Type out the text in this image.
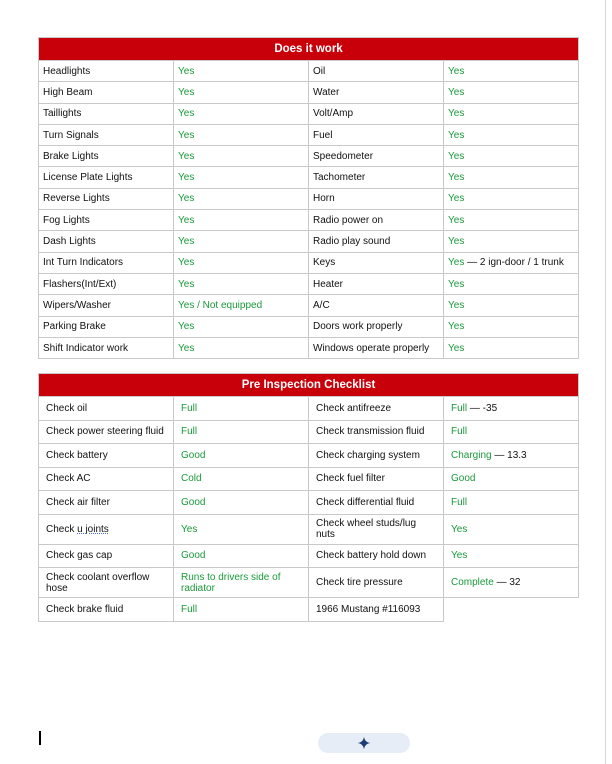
Does it work			
Headlights	Yes	Oil	Yes
High Beam	Yes	Water	Yes
Taillights	Yes	Volt/Amp	Yes
Turn Signals	Yes	Fuel	Yes
Brake Lights	Yes	Speedometer	Yes
License Plate Lights	Yes	Tachometer	Yes
Reverse Lights	Yes	Horn	Yes
Fog Lights	Yes	Radio power on	Yes
Dash Lights	Yes	Radio play sound	Yes
Int Turn Indicators	Yes	Keys	Yes — 2 ign-door / 1 trunk
Flashers(Int/Ext)	Yes	Heater	Yes
Wipers/Washer	Yes / Not equipped	A/C	Yes
Parking Brake	Yes	Doors work properly	Yes
Shift Indicator work	Yes	Windows operate properly	Yes
Pre Inspection Checklist			
Check oil	Full	Check antifreeze	Full — -35
Check power steering fluid	Full	Check transmission fluid	Full
Check battery	Good	Check charging system	Charging — 13.3
Check AC	Cold	Check fuel filter	Good
Check air filter	Good	Check differential fluid	Full
Check u joints	Yes	Check wheel studs/lug nuts	Yes
Check gas cap	Good	Check battery hold down	Yes
Check coolant overflow hose	Runs to drivers side of radiator	Check tire pressure	Complete — 32
Check brake fluid	Full	1966 Mustang #116093	
